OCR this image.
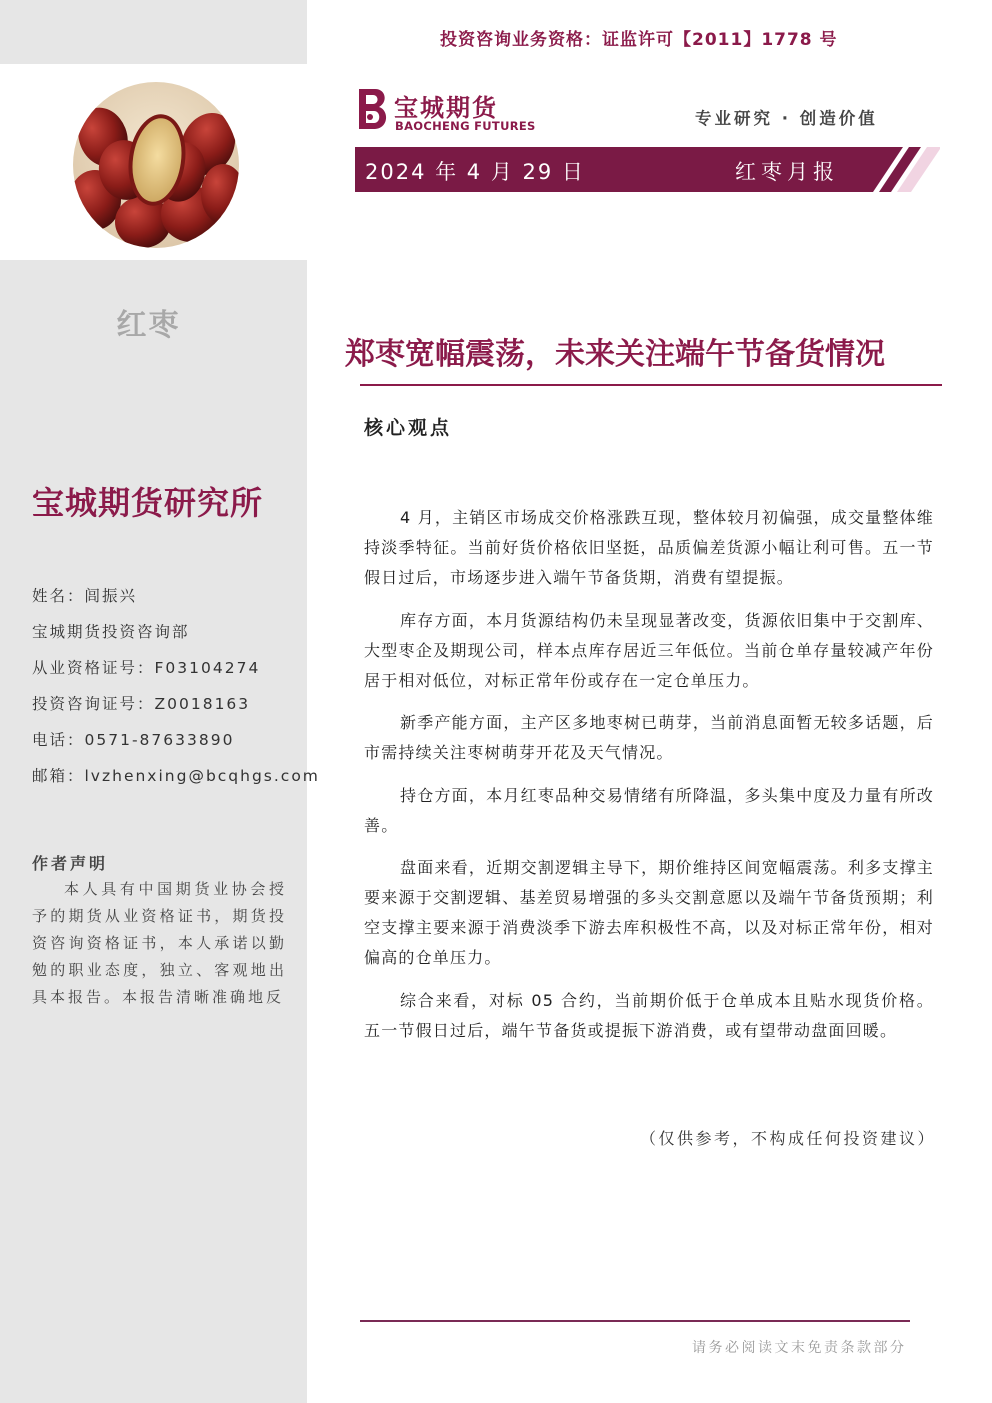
红枣
宝城期货研究所
姓名：闾振兴
宝城期货投资咨询部
从业资格证号：F03104274
投资咨询证号：Z0018163
电话：0571-87633890
邮箱：lvzhenxing@bcqhgs.com
作者声明
本人具有中国期货业协会授予的期货从业资格证书，期货投资咨询资格证书，本人承诺以勤勉的职业态度，独立、客观地出具本报告。本报告清晰准确地反
投资咨询业务资格：证监许可【2011】1778 号
宝城期货
BAOCHENG FUTURES	专业研究 · 创造价值
2024 年 4 月 29 日	红枣月报
郑枣宽幅震荡，未来关注端午节备货情况
核心观点

4 月，主销区市场成交价格涨跌互现，整体较月初偏强，成交量整体维持淡季特征。当前好货价格依旧坚挺，品质偏差货源小幅让利可售。五一节假日过后，市场逐步进入端午节备货期，消费有望提振。

库存方面，本月货源结构仍未呈现显著改变，货源依旧集中于交割库、大型枣企及期现公司，样本点库存居近三年低位。当前仓单存量较减产年份居于相对低位，对标正常年份或存在一定仓单压力。

新季产能方面，主产区多地枣树已萌芽，当前消息面暂无较多话题，后市需持续关注枣树萌芽开花及天气情况。

持仓方面，本月红枣品种交易情绪有所降温，多头集中度及力量有所改善。

盘面来看，近期交割逻辑主导下，期价维持区间宽幅震荡。利多支撑主要来源于交割逻辑、基差贸易增强的多头交割意愿以及端午节备货预期；利空支撑主要来源于消费淡季下游去库积极性不高，以及对标正常年份，相对偏高的仓单压力。

综合来看，对标 05 合约，当前期价低于仓单成本且贴水现货价格。五一节假日过后，端午节备货或提振下游消费，或有望带动盘面回暖。

（仅供参考，不构成任何投资建议）
请务必阅读文末免责条款部分
